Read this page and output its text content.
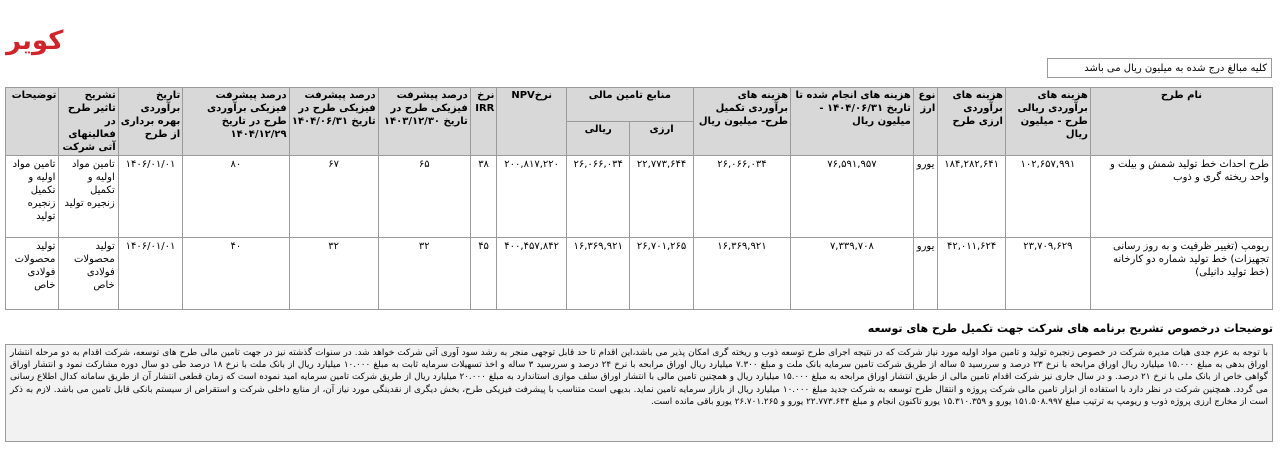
کویر
کلیه مبالغ درج شده به میلیون ریال می باشد
نام طرح	هزینه های برآوردی ریالی طرح - میلیون ریال	هزینه های برآوردی ارزی طرح	نوع ارز	هزینه های انجام شده تا تاریخ ۱۴۰۴/۰۶/۳۱ - میلیون ریال	هزینه های برآوردی تکمیل طرح- میلیون ریال	منابع تامین مالی		نرخNPV	نرخ IRR	درصد پیشرفت فیزیکی طرح در تاریخ ۱۴۰۳/۱۲/۳۰	درصد پیشرفت فیزیکی طرح در تاریخ ۱۴۰۴/۰۶/۳۱	درصد پیشرفت فیزیکی برآوردی طرح در تاریخ ۱۴۰۴/۱۲/۲۹	تاریخ برآوردی بهره برداری از طرح	تشریح تاثیر طرح در فعالیتهای آتی شرکت	توضیحات
						ارزی	ریالی								
طرح احداث خط تولید شمش و بیلت و واحد ریخته گری و ذوب	۱۰۲,۶۵۷,۹۹۱	۱۸۴,۲۸۲,۶۴۱	یورو	۷۶,۵۹۱,۹۵۷	۲۶,۰۶۶,۰۳۴	۲۲,۷۷۳,۶۴۴	۲۶,۰۶۶,۰۳۴	۲۰۰,۸۱۷,۲۲۰	۳۸	۶۵	۶۷	۸۰	۱۴۰۶/۰۱/۰۱	تامین مواد اولیه و تکمیل زنجیره تولید	تامین مواد اولیه و تکمیل زنجیره تولید
ریومپ (تغییر ظرفیت و به روز رسانی تجهیزات) خط تولید شماره دو کارخانه (خط تولید دانیلی)	۲۳,۷۰۹,۶۲۹	۴۲,۰۱۱,۶۲۴	یورو	۷,۳۳۹,۷۰۸	۱۶,۳۶۹,۹۲۱	۲۶,۷۰۱,۲۶۵	۱۶,۳۶۹,۹۲۱	۴۰۰,۴۵۷,۸۴۲	۴۵	۳۲	۳۲	۴۰	۱۴۰۶/۰۱/۰۱	تولید محصولات فولادی خاص	تولید محصولات فولادی خاص
توضیحات درخصوص تشریح برنامه های شرکت جهت تکمیل طرح های توسعه
با توجه به عزم جدی هیات مدیره شرکت در خصوص زنجیره تولید و تامین مواد اولیه مورد نیاز شرکت که در نتیجه اجرای طرح توسعه ذوب و ریخته گری امکان پذیر می باشد،این اقدام تا حد قابل توجهی منجر به رشد سود آوری آتی شرکت خواهد شد. در سنوات گذشته نیز در جهت تامین مالی طرح های توسعه، شرکت اقدام به دو مرحله انتشار اوراق بدهی به مبلغ ۱۵.۰۰۰ میلیارد ریال اوراق مرابحه با نرخ ۲۳ درصد و سررسید ۵ ساله از طریق شرکت تامین سرمایه بانک ملت و مبلغ ۷.۳۰۰ میلیارد ریال اوراق مرابحه با نرخ ۲۴ درصد و سررسید ۳ ساله و اخذ تسهیلات سرمایه ثابت به مبلغ ۱۰.۰۰۰ میلیارد ریال از بانک ملت با نرخ ۱۸ درصد طی دو سال دوره مشارکت نمود و انتشار اوراق گواهی خاص از بانک ملی با نرخ ۲۱ درصد. و در سال جاری نیز شرکت اقدام تامین مالی از طریق انتشار اوراق مرابحه به مبلغ ۱۵.۰۰۰ میلیارد ریال و همچنین تامین مالی با انتشار اوراق سلف موازی استاندارد به مبلغ ۲۰.۰۰۰ میلیارد ریال از طریق شرکت تامین سرمایه امید نموده است که زمان قطعی انتشار آن از طریق سامانه کدال اطلاع رسانی می گردد. همچنین شرکت در نظر دارد با استفاده از ابزار تامین مالی شرکت پروژه و انتقال طرح توسعه به شرکت جدید مبلغ ۱۰.۰۰۰ میلیارد ریال از بازار سرمایه تامین نماید. بدیهی است متناسب با پیشرفت فیزیکی طرح، بخش دیگری از نقدینگی مورد نیاز آن، از منابع داخلی شرکت و استقراض از سیستم بانکی قابل تامین می باشد. لازم به ذکر است از مخارج ارزی پروژه ذوب و ریومپ به ترتیب مبلغ ۱۵۱.۵۰۸.۹۹۷ یورو و ۱۵.۳۱۰.۳۵۹ یورو تاکنون انجام و مبلغ ۲۲.۷۷۳.۶۴۴ یورو و ۲۶.۷۰۱.۲۶۵ یورو باقی مانده است.
